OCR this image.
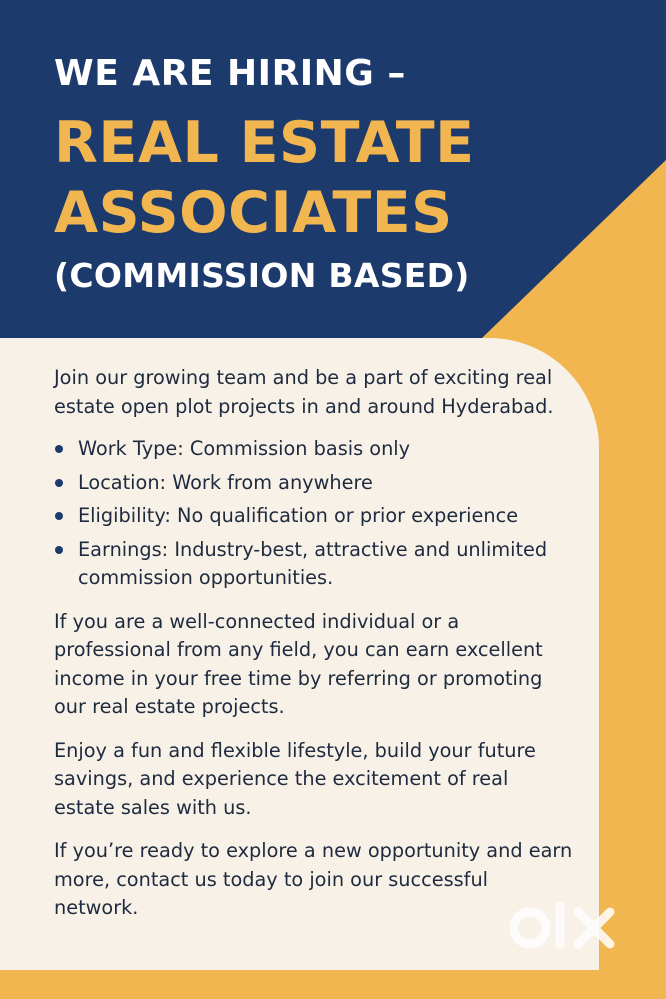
WE ARE HIRING –
REAL ESTATE
ASSOCIATES
(COMMISSION BASED)

Join our growing team and be a part of exciting real estate open plot projects in and around Hyderabad.

Work Type: Commission basis only
Location: Work from anywhere
Eligibility: No qualification or prior experience
Earnings: Industry-best, attractive and unlimited commission opportunities.

If you are a well-connected individual or a professional from any field, you can earn excellent income in your free time by referring or promoting our real estate projects.

Enjoy a fun and flexible lifestyle, build your future savings, and experience the excitement of real estate sales with us.

If you’re ready to explore a new opportunity and earn more, contact us today to join our successful network.
